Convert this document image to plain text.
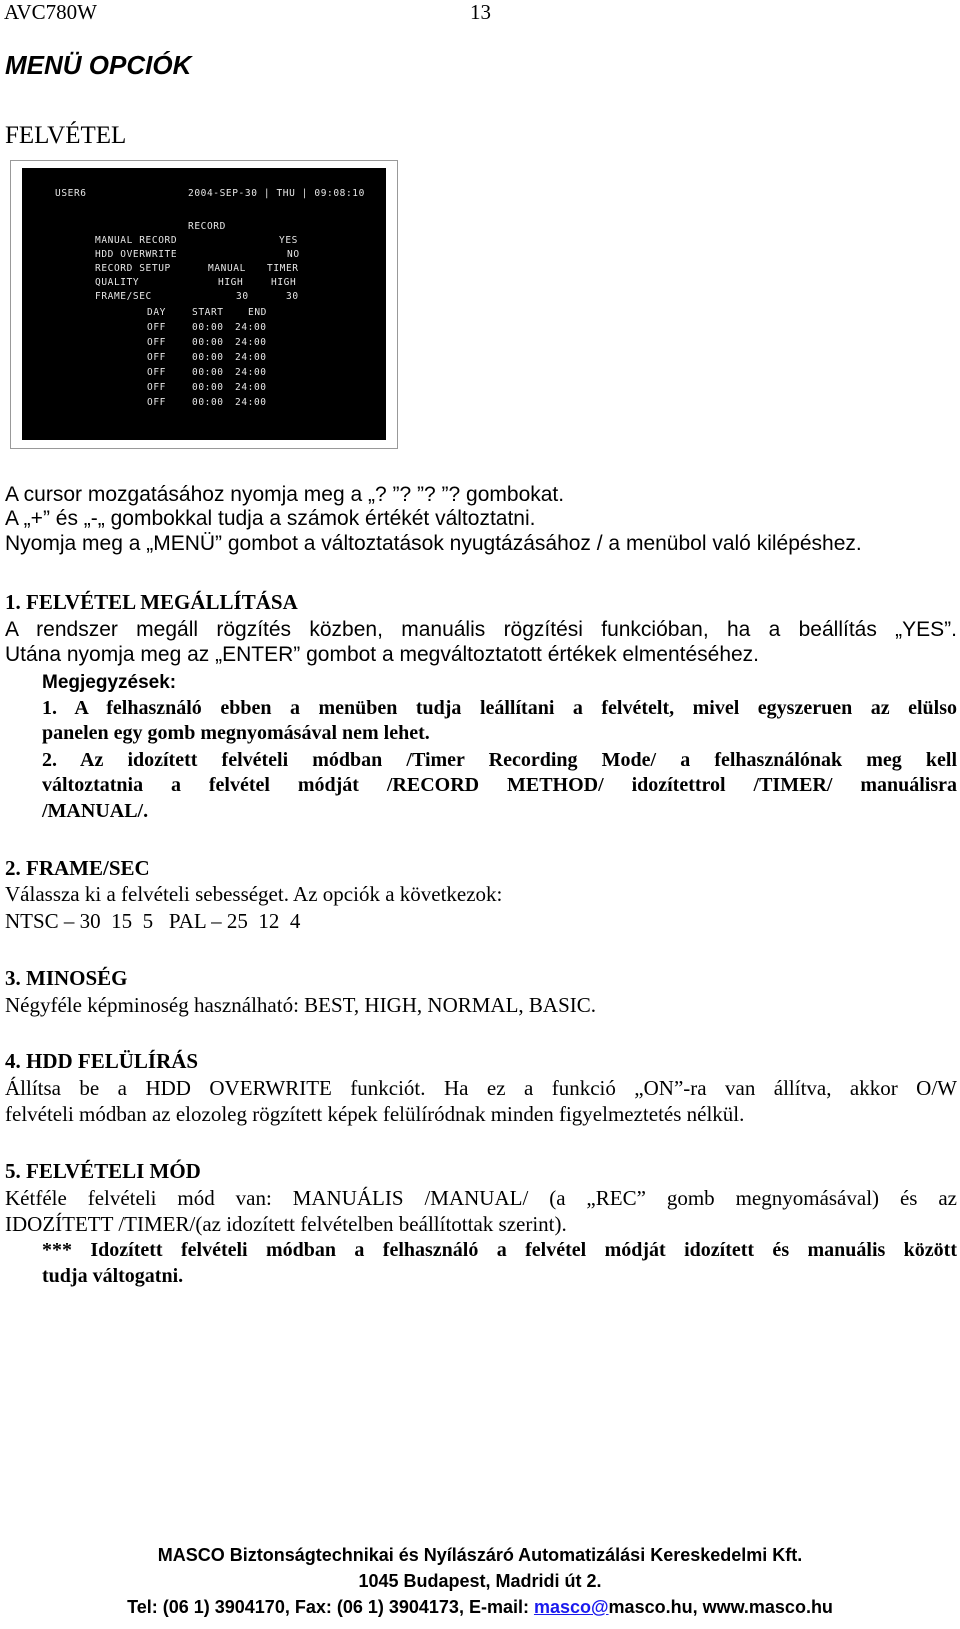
AVC780W	13
MENÜ OPCIÓK
FELVÉTEL
USER6	2004-SEP-30 | THU | 09:08:10
RECORD
MANUAL RECORD	YES
HDD OVERWRITE	NO
RECORD SETUP	MANUAL TIMER
QUALITY	HIGH	HIGH
FRAME/SEC	30	30
DAY	START	END
OFF	00:00 24:00
OFF	00:00 24:00
OFF	00:00 24:00
OFF	00:00 24:00
OFF	00:00 24:00
OFF	00:00 24:00
A cursor mozgatásához nyomja meg a „? ”? ”? ”? gombokat.
A „+” és „-„ gombokkal tudja a számok értékét változtatni.
Nyomja meg a „MENÜ” gombot a változtatások nyugtázásához / a menübol való kilépéshez.
1. FELVÉTEL MEGÁLLÍTÁSA
A rendszer megáll rögzítés közben, manuális rögzítési funkcióban, ha a beállítás „YES”.
Utána nyomja meg az „ENTER” gombot a megváltoztatott értékek elmentéséhez.
Megjegyzések:
1. A felhasználó ebben a menüben tudja leállítani a felvételt, mivel egyszeruen az elülso
panelen egy gomb megnyomásával nem lehet.
2. Az idozített felvételi módban /Timer Recording Mode/ a felhasználónak meg kell
változtatnia a felvétel módját /RECORD METHOD/ idozítettrol /TIMER/ manuálisra
/MANUAL/.
2. FRAME/SEC
Válassza ki a felvételi sebességet. Az opciók a következok:
NTSC – 30  15  5   PAL – 25  12  4
3. MINOSÉG
Négyféle képminoség használható: BEST, HIGH, NORMAL, BASIC.
4. HDD FELÜLÍRÁS
Állítsa be a HDD OVERWRITE funkciót. Ha ez a funkció „ON”-ra van állítva, akkor O/W
felvételi módban az elozoleg rögzített képek felülíródnak minden figyelmeztetés nélkül.
5. FELVÉTELI MÓD
Kétféle felvételi mód van: MANUÁLIS /MANUAL/ (a „REC” gomb megnyomásával) és az
IDOZÍTETT /TIMER/(az idozített felvételben beállítottak szerint).
*** Idozített felvételi módban a felhasználó a felvétel módját idozített és manuális között
tudja váltogatni.
MASCO Biztonságtechnikai és Nyílászáró Automatizálási Kereskedelmi Kft.
1045 Budapest, Madridi út 2.
Tel: (06 1) 3904170, Fax: (06 1) 3904173, E-mail: masco@masco.hu, www.masco.hu
